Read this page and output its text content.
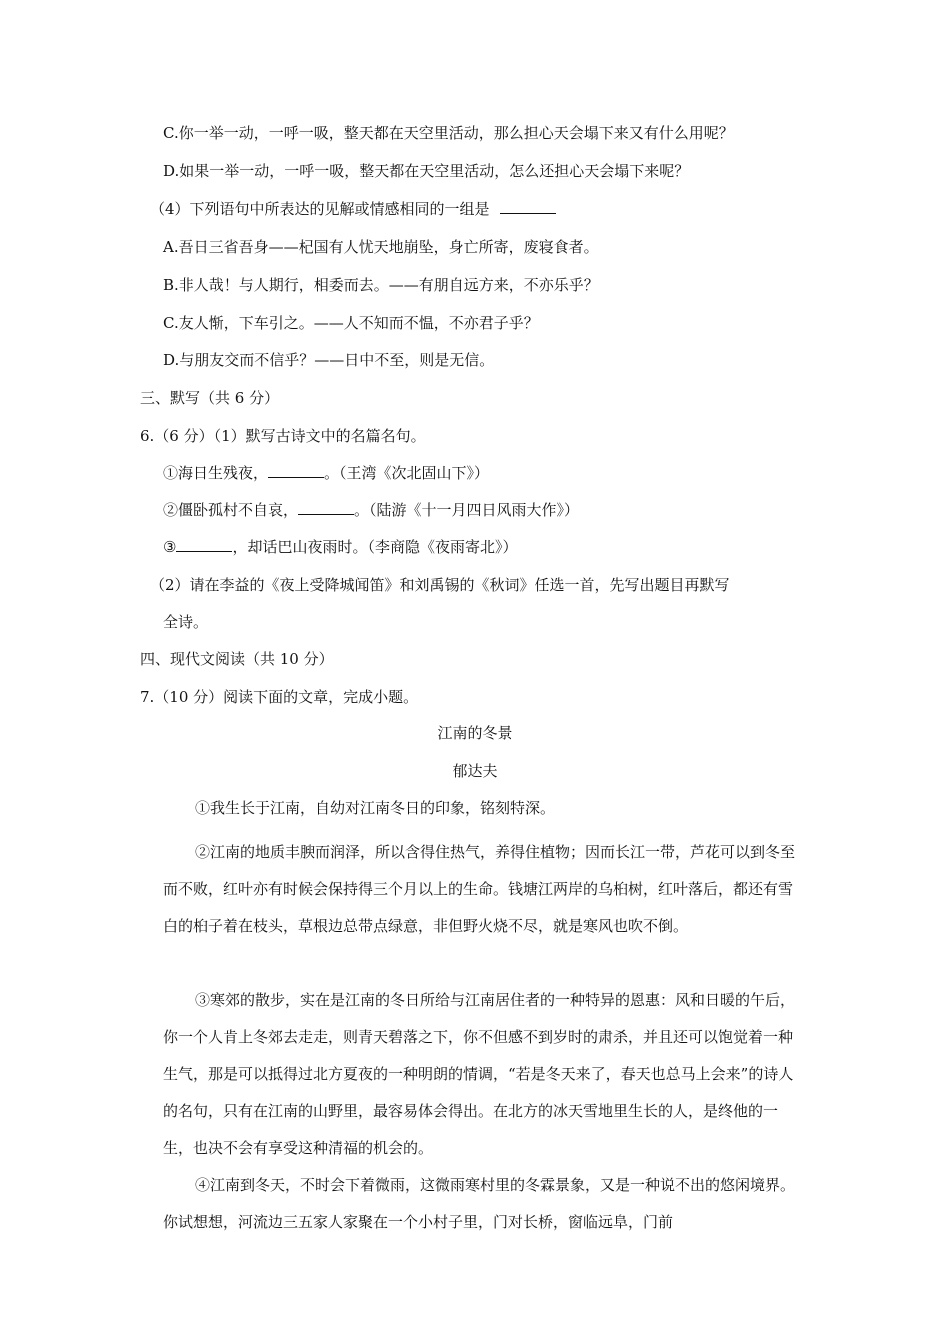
C.你一举一动，一呼一吸，整天都在天空里活动，那么担心天会塌下来又有什么用呢？
D.如果一举一动，一呼一吸，整天都在天空里活动，怎么还担心天会塌下来呢？
（4）下列语句中所表达的见解或情感相同的一组是
A.吾日三省吾身——杞国有人忧天地崩坠，身亡所寄，废寝食者。
B.非人哉！与人期行，相委而去。——有朋自远方来，不亦乐乎？
C.友人惭，下车引之。——人不知而不愠，不亦君子乎？
D.与朋友交而不信乎？——日中不至，则是无信。
三、默写（共 6 分）
6.（6 分）（1）默写古诗文中的名篇名句。
①海日生残夜，	。（王湾《次北固山下》）
②僵卧孤村不自哀，	。（陆游《十一月四日风雨大作》）
③	，却话巴山夜雨时。（李商隐《夜雨寄北》）
（2）请在李益的《夜上受降城闻笛》和刘禹锡的《秋词》任选一首，先写出题目再默写
全诗。
四、现代文阅读（共 10 分）
7.（10 分）阅读下面的文章，完成小题。
江南的冬景
郁达夫
①我生长于江南，自幼对江南冬日的印象，铭刻特深。
②江南的地质丰腴而润泽，所以含得住热气，养得住植物；因而长江一带，芦花可以到冬至而不败，红叶亦有时候会保持得三个月以上的生命。钱塘江两岸的乌桕树，红叶落后，都还有雪白的桕子着在枝头，草根边总带点绿意，非但野火烧不尽，就是寒风也吹不倒。
③寒郊的散步，实在是江南的冬日所给与江南居住者的一种特异的恩惠：风和日暖的午后，你一个人肯上冬郊去走走，则青天碧落之下，你不但感不到岁时的肃杀，并且还可以饱觉着一种生气，那是可以抵得过北方夏夜的一种明朗的情调，“若是冬天来了，春天也总马上会来”的诗人的名句，只有在江南的山野里，最容易体会得出。在北方的冰天雪地里生长的人，是终他的一生，也决不会有享受这种清福的机会的。
④江南到冬天，不时会下着微雨，这微雨寒村里的冬霖景象，又是一种说不出的悠闲境界。你试想想，河流边三五家人家聚在一个小村子里，门对长桥，窗临远阜，门前
